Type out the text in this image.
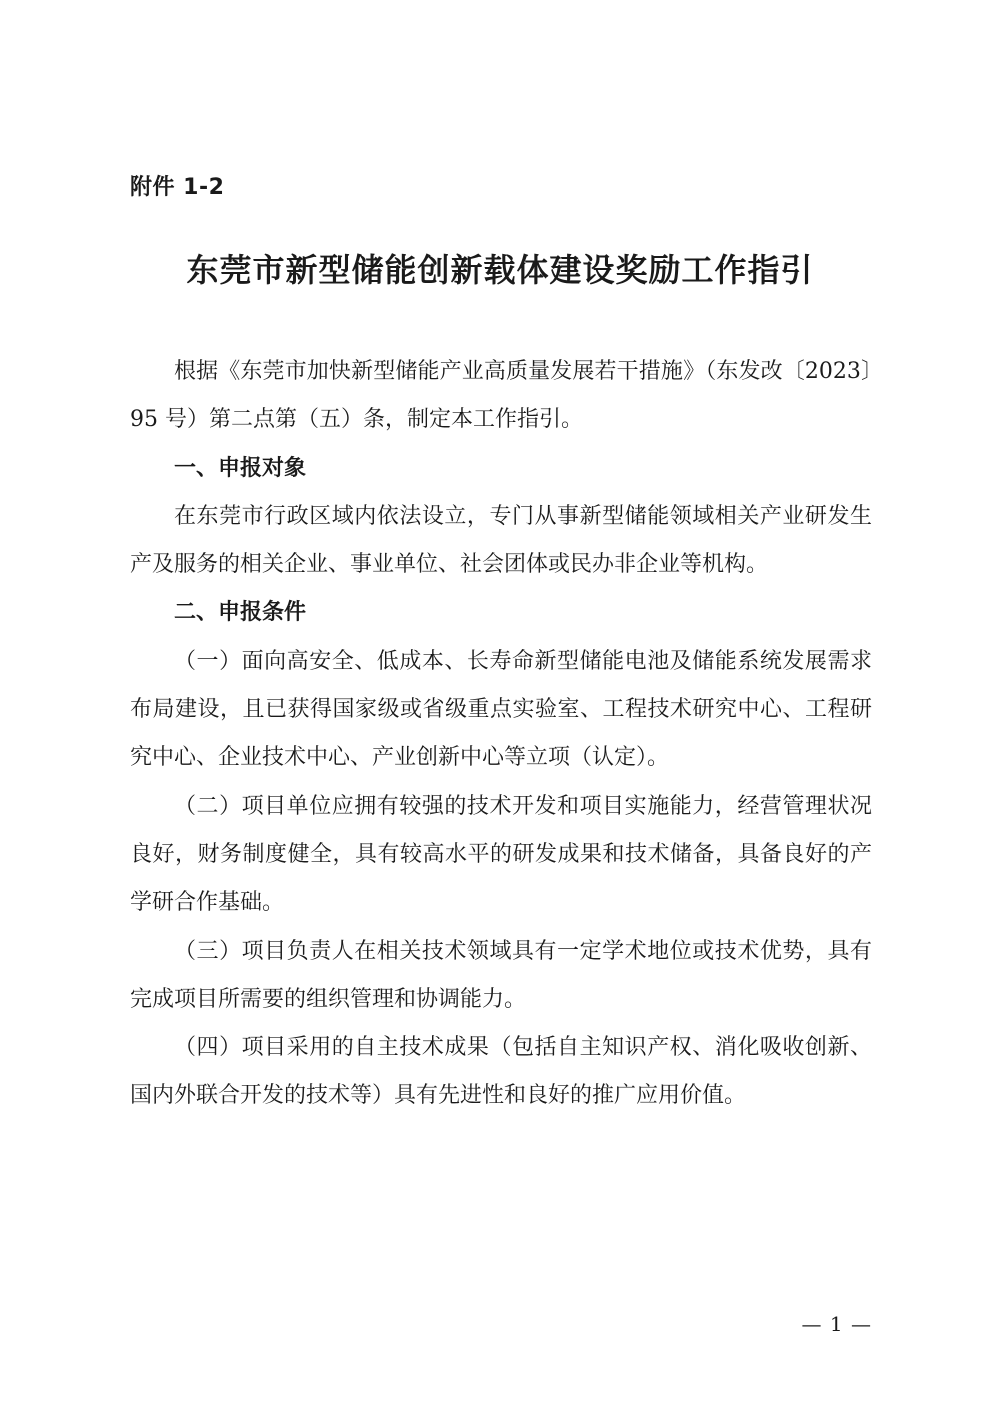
附件 1-2
东莞市新型储能创新载体建设奖励工作指引

根据《东莞市加快新型储能产业高质量发展若干措施》（东发改〔2023〕95 号）第二点第（五）条，制定本工作指引。

一、申报对象

在东莞市行政区域内依法设立，专门从事新型储能领域相关产业研发生产及服务的相关企业、事业单位、社会团体或民办非企业等机构。

二、申报条件

（一）面向高安全、低成本、长寿命新型储能电池及储能系统发展需求布局建设，且已获得国家级或省级重点实验室、工程技术研究中心、工程研究中心、企业技术中心、产业创新中心等立项（认定）。

（二）项目单位应拥有较强的技术开发和项目实施能力，经营管理状况良好，财务制度健全，具有较高水平的研发成果和技术储备，具备良好的产学研合作基础。

（三）项目负责人在相关技术领域具有一定学术地位或技术优势，具有完成项目所需要的组织管理和协调能力。

（四）项目采用的自主技术成果（包括自主知识产权、消化吸收创新、国内外联合开发的技术等）具有先进性和良好的推广应用价值。

— 1 —
